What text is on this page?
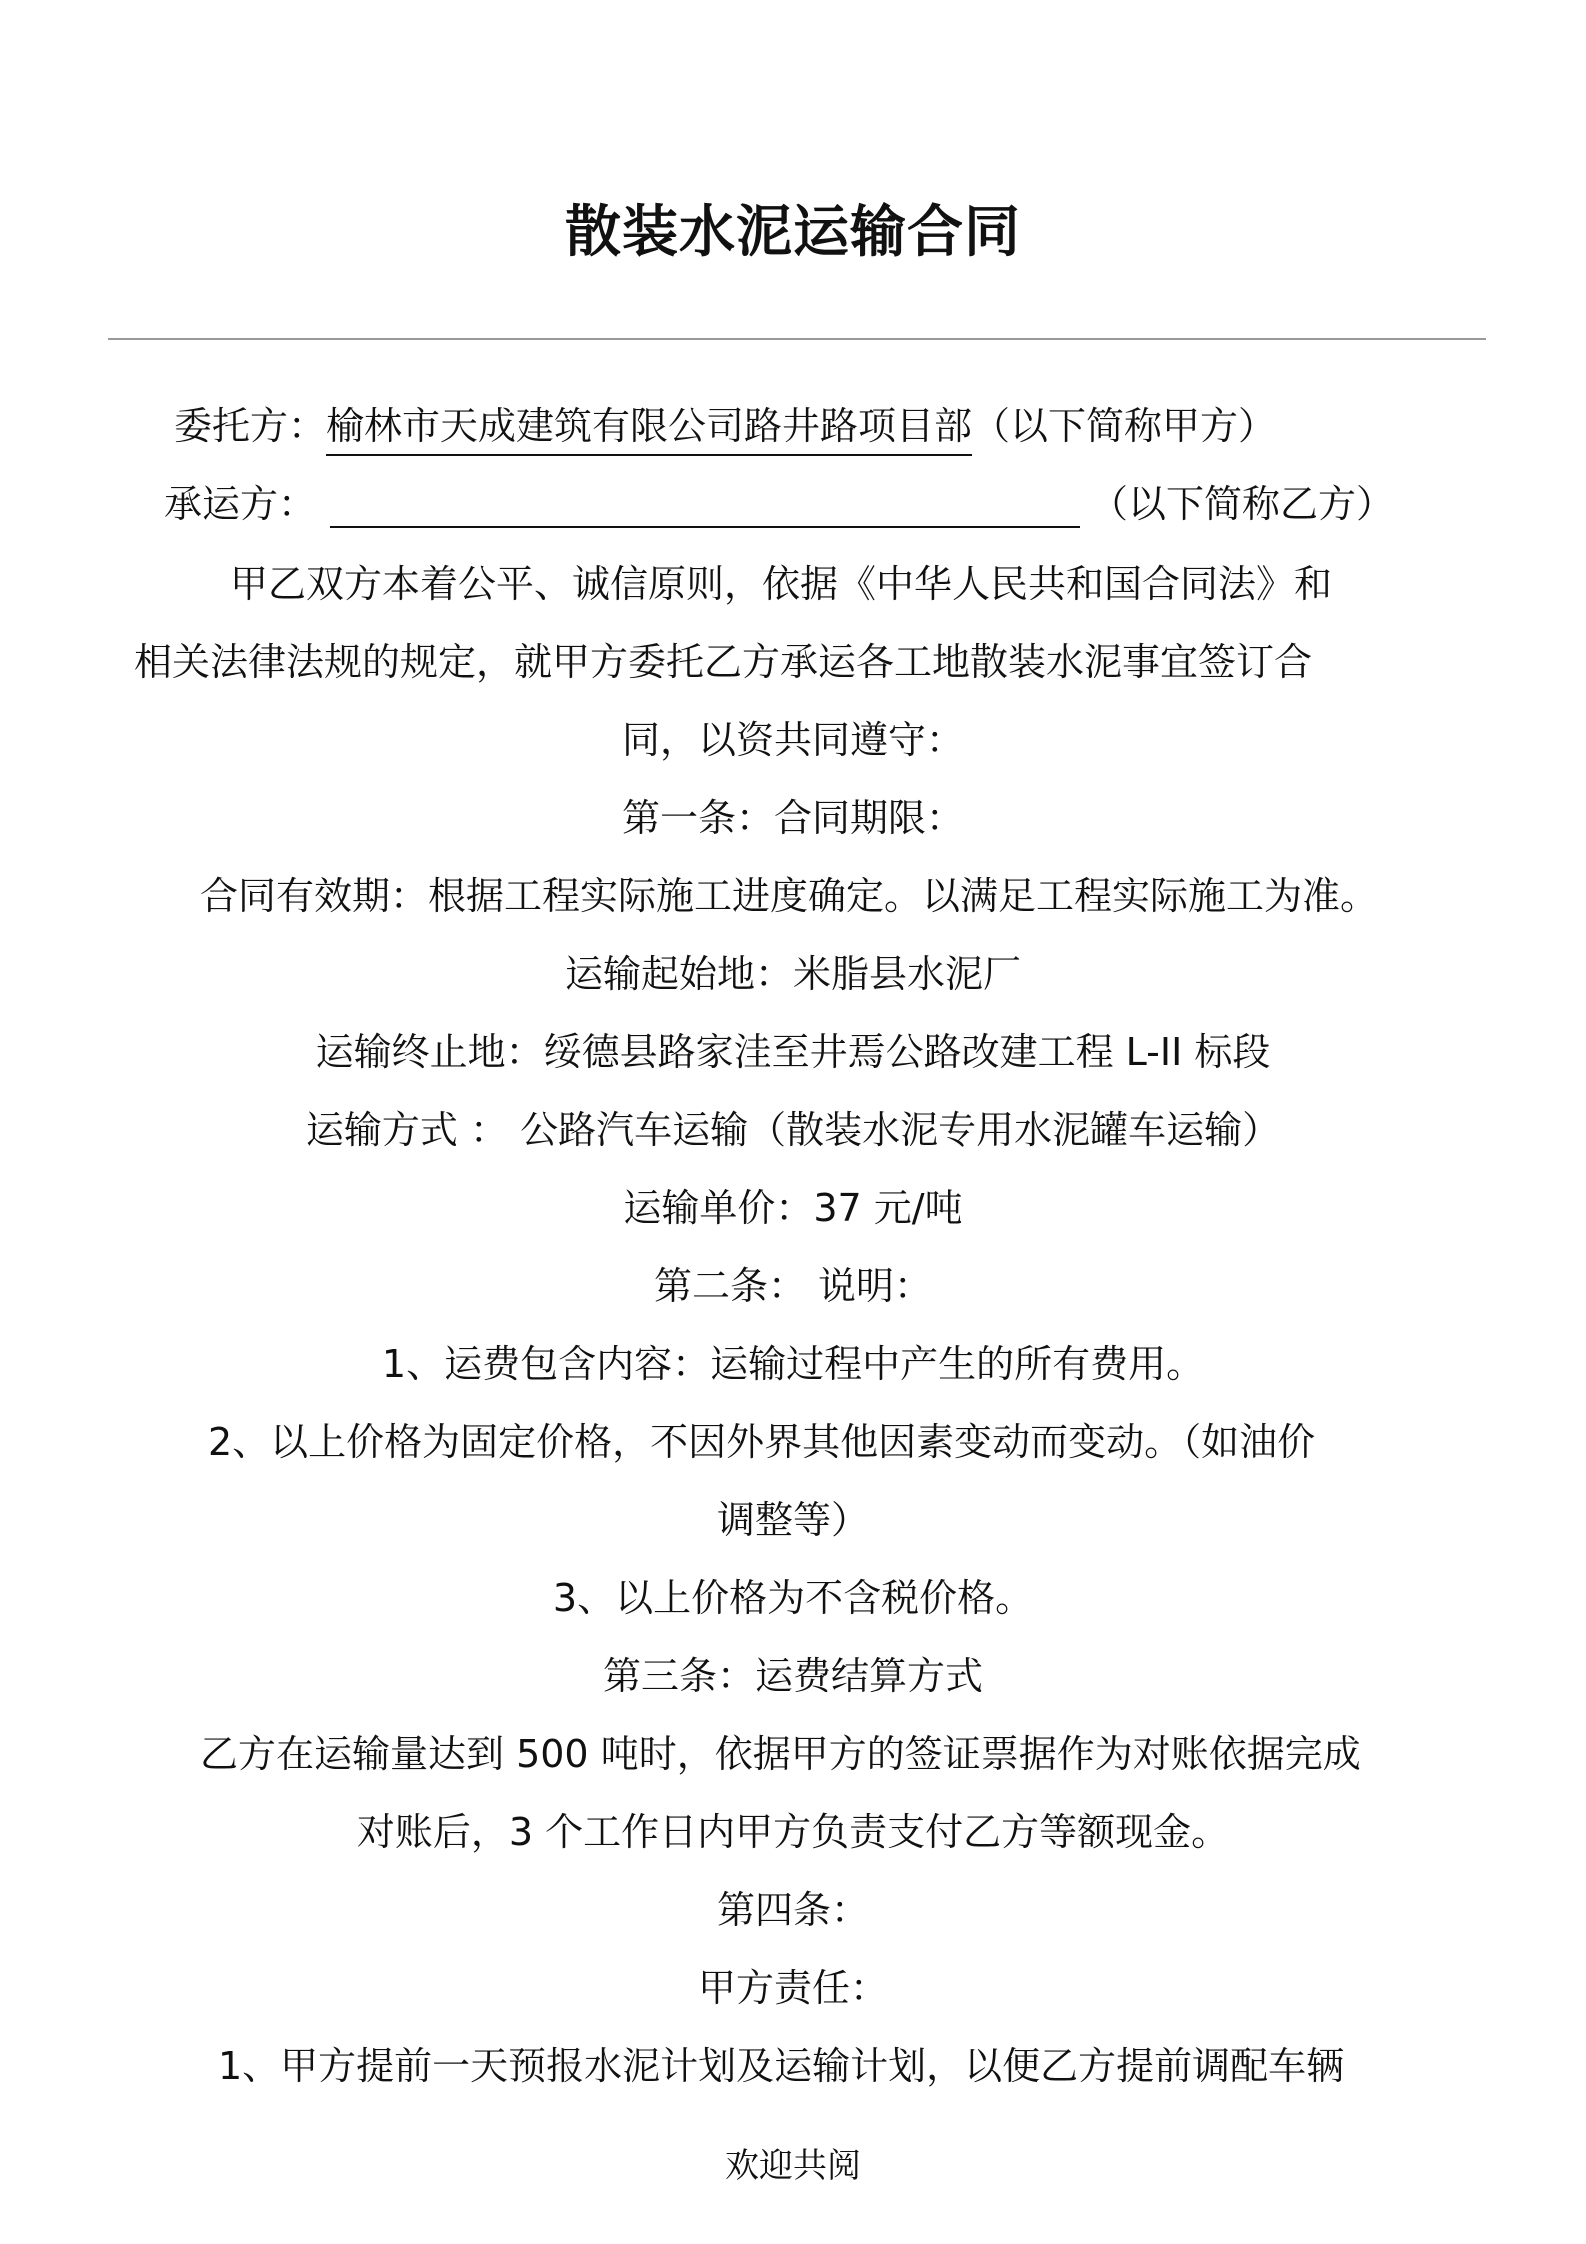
散装水泥运输合同
委托方：榆林市天成建筑有限公司路井路项目部（以下简称甲方）
承运方：	（以下简称乙方）
甲乙双方本着公平、诚信原则，依据《中华人民共和国合同法》和
相关法律法规的规定，就甲方委托乙方承运各工地散装水泥事宜签订合
同，以资共同遵守：
第一条：合同期限：
合同有效期：根据工程实际施工进度确定。以满足工程实际施工为准。
运输起始地：米脂县水泥厂
运输终止地：绥德县路家洼至井焉公路改建工程 L-II 标段
运输方式 ： 公路汽车运输（散装水泥专用水泥罐车运输）
运输单价：37 元/吨
第二条： 说明：
1、运费包含内容：运输过程中产生的所有费用。
2、以上价格为固定价格，不因外界其他因素变动而变动。（如油价
调整等）
3、以上价格为不含税价格。
第三条：运费结算方式
乙方在运输量达到 500 吨时，依据甲方的签证票据作为对账依据完成
对账后，3 个工作日内甲方负责支付乙方等额现金。
第四条：
甲方责任：
1、甲方提前一天预报水泥计划及运输计划，以便乙方提前调配车辆
欢迎共阅
